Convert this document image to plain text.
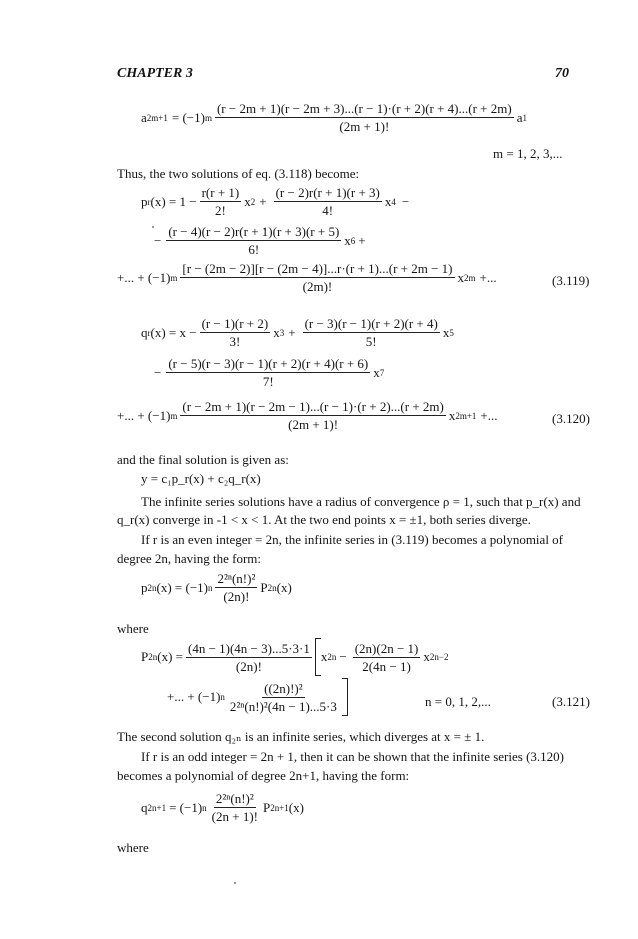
CHAPTER 3	70
a 2m+1 = (−1) m $\frac{(r - 2m + 1)(r - 2m + 3)...(r - 1)\cdot(r + 2)(r + 4)...(r + 2m)}{(2m + 1)!}$ a 1
m = 1, 2, 3,...
Thus, the two solutions of eq. (3.118) become:
p r $(x) = 1 - \frac{r(r + 1)}{2!}$ x $2 + \frac{(r - 2)r(r + 1)(r + 3)}{4!}$ x 4 −
− $\frac{(r - 4)(r - 2)r(r + 1)(r + 3)(r + 5)}{6!}$ x 6 +
+... + (−1) m $\frac{[r - (2m - 2)][r - (2m - 4)]...r\cdot(r + 1)...(r + 2m - 1)}{(2m)!}$ x 2m +...	(3.119)
q r $(x) = x - \frac{(r - 1)(r + 2)}{3!}$ x $3 + \frac{(r - 3)(r - 1)(r + 2)(r + 4)}{5!}$ x 5
− $\frac{(r - 5)(r - 3)(r - 1)(r + 2)(r + 4)(r + 6)}{7!}$ x 7
+... + (−1) m $\frac{(r - 2m + 1)(r - 2m - 1)...(r - 1)\cdot(r + 2)...(r + 2m)}{(2m + 1)!}$ x 2m+1 +...	(3.120)
and the final solution is given as:
y = c₁p_r(x) + c₂q_r(x)
The infinite series solutions have a radius of convergence ρ = 1, such that p_r(x) and
q_r(x) converge in -1 < x < 1. At the two end points x = ±1, both series diverge.
If r is an even integer = 2n, the infinite series in (3.119) becomes a polynomial of
degree 2n, having the form:
p 2n (x) = (−1) n $\frac{\text{2²ⁿ(n!)²}}{(2n)!}$ P 2n (x)
where
P 2n $(x) = \frac{(4n - 1)(4n - 3)...5\cdot 3\cdot 1}{(2n)!}$ x $2n - \frac{(2n)(2n - 1)}{2(4n - 1)}$ x 2n−2
+... + (−1) n $\frac{\text{((2n)!)²}}{\text{2²ⁿ(n!)²(4n − 1)...5·3}}$	n = 0, 1, 2,...	(3.121)
The second solution q₂ₙ is an infinite series, which diverges at x = ± 1.
If r is an odd integer = 2n + 1, then it can be shown that the infinite series (3.120)
becomes a polynomial of degree 2n+1, having the form:
q 2n+1 = (−1) n $\frac{\text{2²ⁿ(n!)²}}{(2n + 1)!}$ P 2n+1 (x)
where
